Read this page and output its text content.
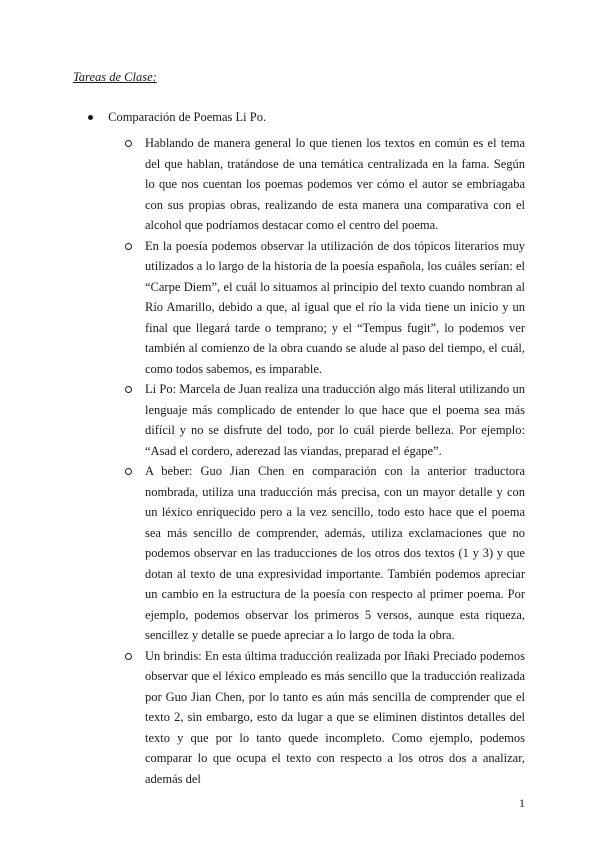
Tareas de Clase:
Comparación de Poemas Li Po.

Hablando de manera general lo que tienen los textos en común es el tema del que hablan, tratándose de una temática centralizada en la fama. Según lo que nos cuentan los poemas podemos ver cómo el autor se embriagaba con sus propias obras, realizando de esta manera una comparativa con el alcohol que podríamos destacar como el centro del poema.

En la poesía podemos observar la utilización de dos tópicos literarios muy utilizados a lo largo de la historia de la poesía española, los cuáles serían: el “Carpe Diem”, el cuál lo situamos al principio del texto cuando nombran al Río Amarillo, debido a que, al igual que el río la vida tiene un inicio y un final que llegará tarde o temprano; y el “Tempus fugit”, lo podemos ver también al comienzo de la obra cuando se alude al paso del tiempo, el cuál, como todos sabemos, es imparable.

Li Po: Marcela de Juan realiza una traducción algo más literal utilizando un lenguaje más complicado de entender lo que hace que el poema sea más difícil y no se disfrute del todo, por lo cuál pierde belleza. Por ejemplo: “Asad el cordero, aderezad las viandas, preparad el égape”.

A beber: Guo Jian Chen en comparación con la anterior traductora nombrada, utiliza una traducción más precisa, con un mayor detalle y con un léxico enriquecido pero a la vez sencillo, todo esto hace que el poema sea más sencillo de comprender, además, utiliza exclamaciones que no podemos observar en las traducciones de los otros dos textos (1 y 3) y que dotan al texto de una expresividad importante. También podemos apreciar un cambio en la estructura de la poesía con respecto al primer poema. Por ejemplo, podemos observar los primeros 5 versos, aunque esta riqueza, sencillez y detalle se puede apreciar a lo largo de toda la obra.

Un brindis: En esta última traducción realizada por Iñaki Preciado podemos observar que el léxico empleado es más sencillo que la traducción realizada por Guo Jian Chen, por lo tanto es aún más sencilla de comprender que el texto 2, sin embargo, esto da lugar a que se eliminen distintos detalles del texto y que por lo tanto quede incompleto. Como ejemplo, podemos comparar lo que ocupa el texto con respecto a los otros dos a analizar, además del

1
